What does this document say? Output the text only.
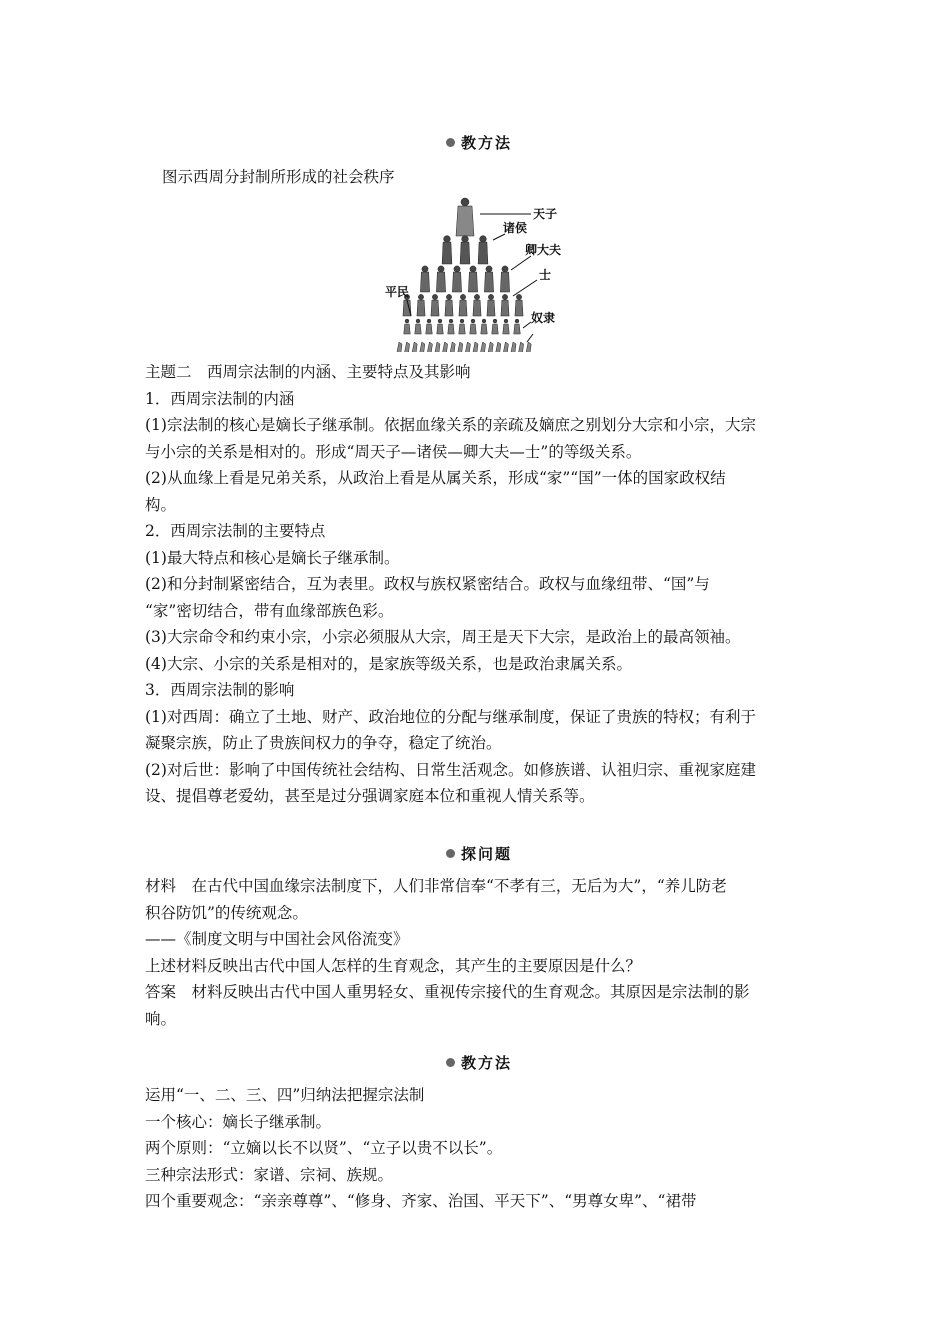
教方法
图示西周分封制所形成的社会秩序
天子
诸侯
卿大夫
士
平民
奴隶
主题二　西周宗法制的内涵、主要特点及其影响
1．西周宗法制的内涵
(1)宗法制的核心是嫡长子继承制。依据血缘关系的亲疏及嫡庶之别划分大宗和小宗，大宗
与小宗的关系是相对的。形成“周天子—诸侯—卿大夫—士”的等级关系。
(2)从血缘上看是兄弟关系，从政治上看是从属关系，形成“家”“国”一体的国家政权结
构。
2．西周宗法制的主要特点
(1)最大特点和核心是嫡长子继承制。
(2)和分封制紧密结合，互为表里。政权与族权紧密结合。政权与血缘纽带、“国”与
“家”密切结合，带有血缘部族色彩。
(3)大宗命令和约束小宗，小宗必须服从大宗，周王是天下大宗，是政治上的最高领袖。
(4)大宗、小宗的关系是相对的，是家族等级关系，也是政治隶属关系。
3．西周宗法制的影响
(1)对西周：确立了土地、财产、政治地位的分配与继承制度，保证了贵族的特权；有利于
凝聚宗族，防止了贵族间权力的争夺，稳定了统治。
(2)对后世：影响了中国传统社会结构、日常生活观念。如修族谱、认祖归宗、重视家庭建
设、提倡尊老爱幼，甚至是过分强调家庭本位和重视人情关系等。
探问题
材料　在古代中国血缘宗法制度下，人们非常信奉“不孝有三，无后为大”，“养儿防老
积谷防饥”的传统观念。
——《制度文明与中国社会风俗流变》
上述材料反映出古代中国人怎样的生育观念，其产生的主要原因是什么？
答案　材料反映出古代中国人重男轻女、重视传宗接代的生育观念。其原因是宗法制的影
响。
教方法
运用“一、二、三、四”归纳法把握宗法制
一个核心：嫡长子继承制。
两个原则：“立嫡以长不以贤”、“立子以贵不以长”。
三种宗法形式：家谱、宗祠、族规。
四个重要观念：“亲亲尊尊”、“修身、齐家、治国、平天下”、“男尊女卑”、“裙带
